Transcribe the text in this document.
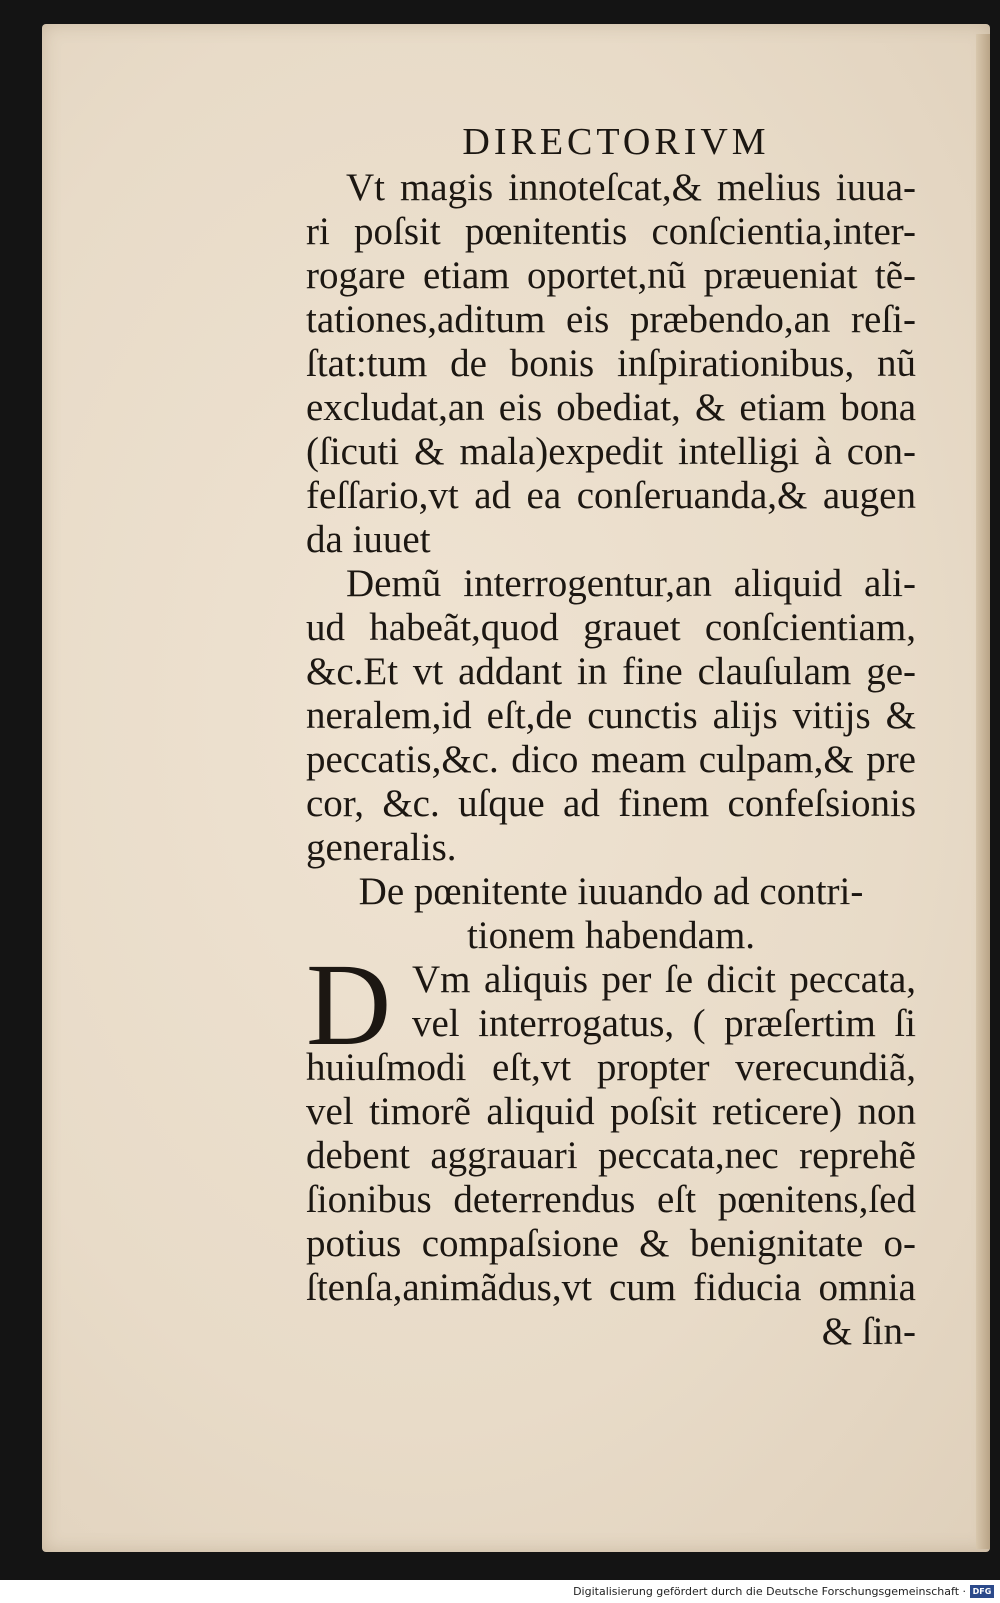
DIRECTORIVM
Vt magis innoteſcat,& melius iuua-
ri poſsit pœnitentis conſcientia,inter-
rogare etiam oportet,nũ præueniat tẽ-
tationes,aditum eis præbendo,an reſi-
ſtat:tum de bonis inſpirationibus, nũ
excludat,an eis obediat, & etiam bona
(ſicuti & mala)expedit intelligi à con-
feſſario,vt ad ea conſeruanda,& augen
da iuuet
Demũ interrogentur,an aliquid ali-
ud habeãt,quod grauet conſcientiam,
&c.Et vt addant in fine clauſulam ge-
neralem,id eſt,de cunctis alijs vitijs &
peccatis,&c. dico meam culpam,& pre
cor, &c. uſque ad finem confeſsionis
generalis.
De pœnitente iuuando ad contri-
tionem habendam.
D Vm aliquis per ſe dicit peccata,
vel interrogatus, ( præſertim ſi
huiuſmodi eſt,vt propter verecundiã,
vel timorẽ aliquid poſsit reticere) non
debent aggrauari peccata,nec reprehẽ
ſionibus deterrendus eſt pœnitens,ſed
potius compaſsione & benignitate o-
ſtenſa,animãdus,vt cum fiducia omnia
& ſin-
Digitalisierung gefördert durch die Deutsche Forschungsgemeinschaft · DFG
